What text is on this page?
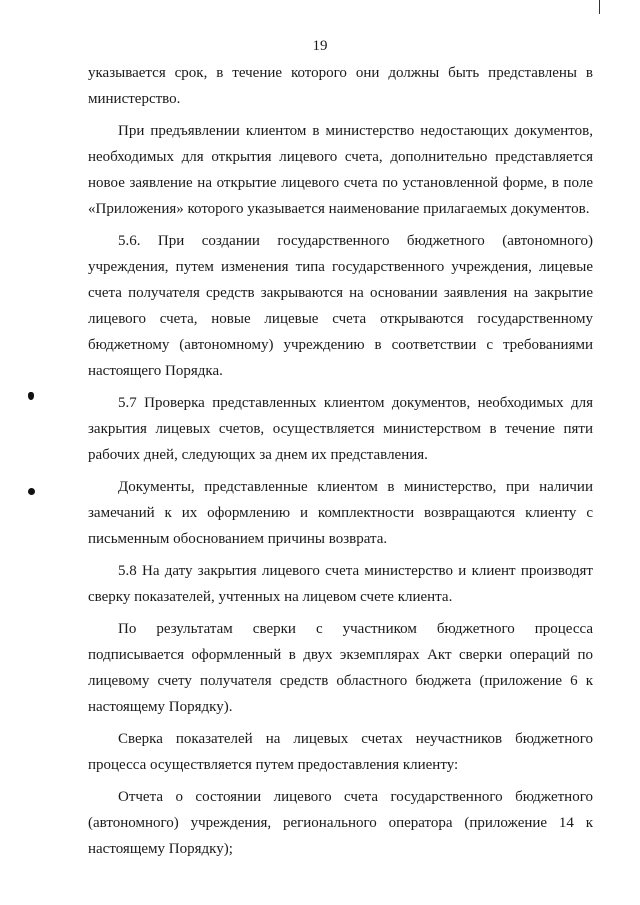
19

указывается срок, в течение которого они должны быть представлены в министерство.

При предъявлении клиентом в министерство недостающих документов, необходимых для открытия лицевого счета, дополнительно представляется новое заявление на открытие лицевого счета по установленной форме, в поле «Приложения» которого указывается наименование прилагаемых документов.

5.6. При создании государственного бюджетного (автономного) учреждения, путем изменения типа государственного учреждения, лицевые счета получателя средств закрываются на основании заявления на закрытие лицевого счета, новые лицевые счета открываются государственному бюджетному (автономному) учреждению в соответствии с требованиями настоящего Порядка.

5.7 Проверка представленных клиентом документов, необходимых для закрытия лицевых счетов, осуществляется министерством в течение пяти рабочих дней, следующих за днем их представления.

Документы, представленные клиентом в министерство, при наличии замечаний к их оформлению и комплектности возвращаются клиенту с письменным обоснованием причины возврата.

5.8 На дату закрытия лицевого счета министерство и клиент производят сверку показателей, учтенных на лицевом счете клиента.

По результатам сверки с участником бюджетного процесса подписывается оформленный в двух экземплярах Акт сверки операций по лицевому счету получателя средств областного бюджета (приложение 6 к настоящему Порядку).

Сверка показателей на лицевых счетах неучастников бюджетного процесса осуществляется путем предоставления клиенту:

Отчета о состоянии лицевого счета государственного бюджетного (автономного) учреждения, регионального оператора (приложение 14 к настоящему Порядку);
